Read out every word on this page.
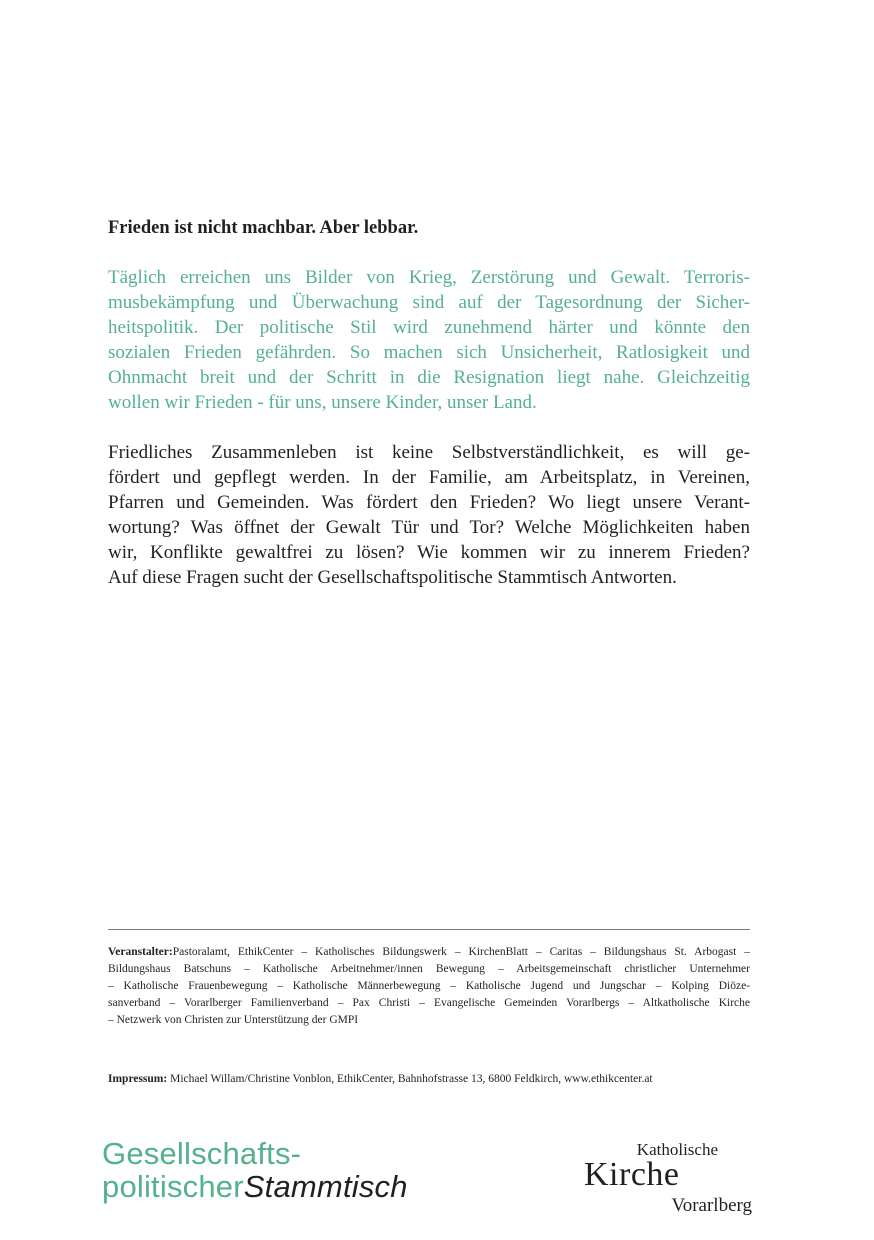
Frieden ist nicht machbar. Aber lebbar.

Täglich erreichen uns Bilder von Krieg, Zerstörung und Gewalt. Terroris-
musbekämpfung und Überwachung sind auf der Tagesordnung der Sicher-
heitspolitik. Der politische Stil wird zunehmend härter und könnte den
sozialen Frieden gefährden. So machen sich Unsicherheit, Ratlosigkeit und
Ohnmacht breit und der Schritt in die Resignation liegt nahe. Gleichzeitig
wollen wir Frieden - für uns, unsere Kinder, unser Land.

Friedliches Zusammenleben ist keine Selbstverständlichkeit, es will ge-
fördert und gepflegt werden. In der Familie, am Arbeitsplatz, in Vereinen,
Pfarren und Gemeinden. Was fördert den Frieden? Wo liegt unsere Verant-
wortung? Was öffnet der Gewalt Tür und Tor? Welche Möglichkeiten haben
wir, Konflikte gewaltfrei zu lösen? Wie kommen wir zu innerem Frieden?
Auf diese Fragen sucht der Gesellschaftspolitische Stammtisch Antworten.

Veranstalter:Pastoralamt, EthikCenter – Katholisches Bildungswerk – KirchenBlatt – Caritas – Bildungshaus St. Arbogast –
Bildungshaus Batschuns – Katholische Arbeitnehmer/innen Bewegung – Arbeitsgemeinschaft christlicher Unternehmer
– Katholische Frauenbewegung – Katholische Männerbewegung – Katholische Jugend und Jungschar – Kolping Diöze-
sanverband – Vorarlberger Familienverband – Pax Christi – Evangelische Gemeinden Vorarlbergs – Altkatholische Kirche
– Netzwerk von Christen zur Unterstützung der GMPI

Impressum: Michael Willam/Christine Vonblon, EthikCenter, Bahnhofstrasse 13, 6800 Feldkirch, www.ethikcenter.at

Gesellschafts-
politischerStammtisch
Katholische
Kirche
Vorarlberg
